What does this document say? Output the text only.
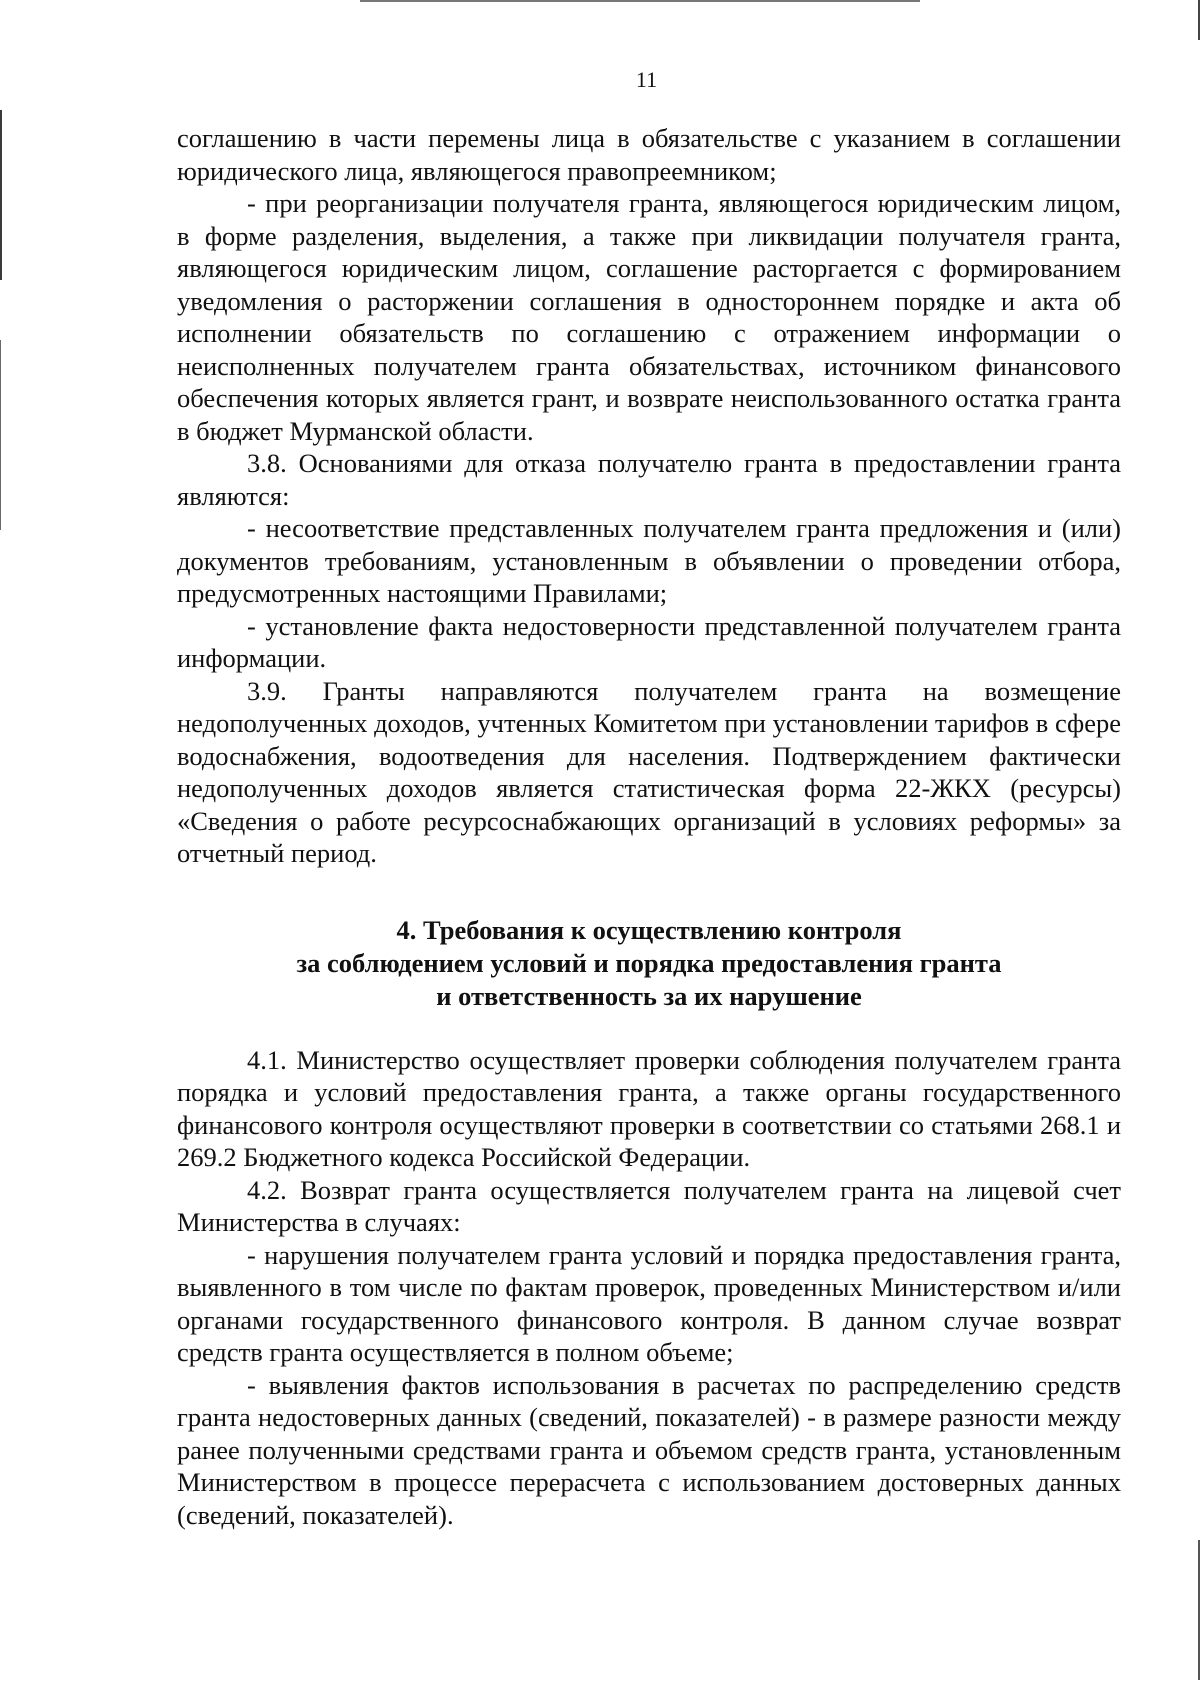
11

соглашению в части перемены лица в обязательстве с указанием в соглашении юридического лица, являющегося правопреемником;

- при реорганизации получателя гранта, являющегося юридическим лицом, в форме разделения, выделения, а также при ликвидации получателя гранта, являющегося юридическим лицом, соглашение расторгается с формированием уведомления о расторжении соглашения в одностороннем порядке и акта об исполнении обязательств по соглашению с отражением информации о неисполненных получателем гранта обязательствах, источником финансового обеспечения которых является грант, и возврате неиспользованного остатка гранта в бюджет Мурманской области.

3.8. Основаниями для отказа получателю гранта в предоставлении гранта являются:

- несоответствие представленных получателем гранта предложения и (или) документов требованиям, установленным в объявлении о проведении отбора, предусмотренных настоящими Правилами;

- установление факта недостоверности представленной получателем гранта информации.

3.9. Гранты направляются получателем гранта на возмещение недополученных доходов, учтенных Комитетом при установлении тарифов в сфере водоснабжения, водоотведения для населения. Подтверждением фактически недополученных доходов является статистическая форма 22-ЖКХ (ресурсы) «Сведения о работе ресурсоснабжающих организаций в условиях реформы» за отчетный период.

4. Требования к осуществлению контроля
за соблюдением условий и порядка предоставления гранта
и ответственность за их нарушение

4.1. Министерство осуществляет проверки соблюдения получателем гранта порядка и условий предоставления гранта, а также органы государственного финансового контроля осуществляют проверки в соответствии со статьями 268.1 и 269.2 Бюджетного кодекса Российской Федерации.

4.2. Возврат гранта осуществляется получателем гранта на лицевой счет Министерства в случаях:

- нарушения получателем гранта условий и порядка предоставления гранта, выявленного в том числе по фактам проверок, проведенных Министерством и/или органами государственного финансового контроля. В данном случае возврат средств гранта осуществляется в полном объеме;

- выявления фактов использования в расчетах по распределению средств гранта недостоверных данных (сведений, показателей) - в размере разности между ранее полученными средствами гранта и объемом средств гранта, установленным Министерством в процессе перерасчета с использованием достоверных данных (сведений, показателей).
